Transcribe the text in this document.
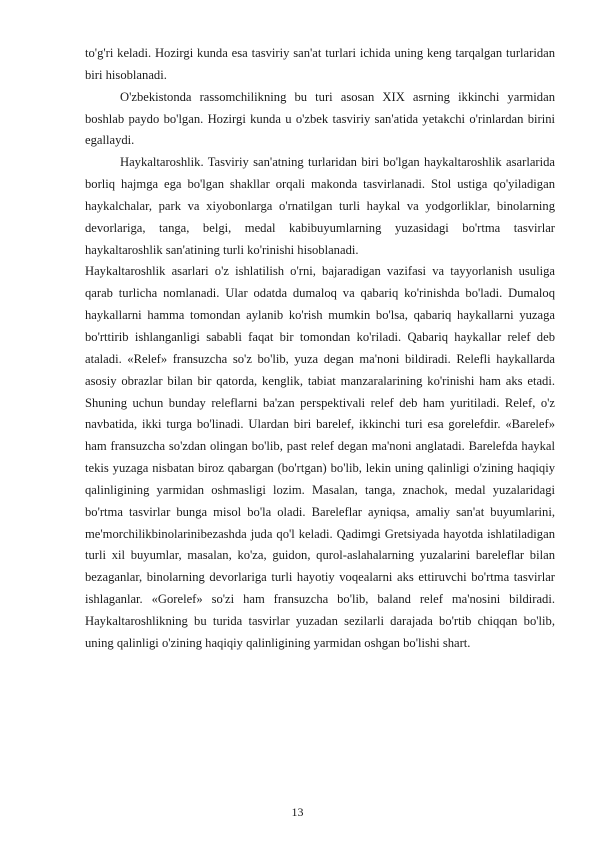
to'g'ri keladi. Hozirgi kunda esa tasviriy san'at turlari ichida uning keng tarqalgan turlaridan biri hisoblanadi.

O'zbekistonda rassomchilikning bu turi asosan XIX asrning ikkinchi yarmidan boshlab paydo bo'lgan. Hozirgi kunda u o'zbek tasviriy san'atida yetakchi o'rinlardan birini egallaydi.

Haykaltaroshlik. Tasviriy san'atning turlaridan biri bo'lgan haykaltaroshlik asarlarida borliq hajmga ega bo'lgan shakllar orqali makonda tasvirlanadi. Stol ustiga qo'yiladigan haykalchalar, park va xiyobonlarga o'rnatilgan turli haykal va yodgorliklar, binolarning devorlariga, tanga, belgi, medal kabibuyumlarning yuzasidagi bo'rtma tasvirlar haykaltaroshlik san'atining turli ko'rinishi hisoblanadi.

Haykaltaroshlik asarlari o'z ishlatilish o'rni, bajaradigan vazifasi va tayyorlanish usuliga qarab turlicha nomlanadi. Ular odatda dumaloq va qabariq ko'rinishda bo'ladi. Dumaloq haykallarni hamma tomondan aylanib ko'rish mumkin bo'lsa, qabariq haykallarni yuzaga bo'rttirib ishlanganligi sababli faqat bir tomondan ko'riladi. Qabariq haykallar relef deb ataladi. «Relef» fransuzcha so'z bo'lib, yuza degan ma'noni bildiradi. Relefli haykallarda asosiy obrazlar bilan bir qatorda, kenglik, tabiat manzaralarining ko'rinishi ham aks etadi. Shuning uchun bunday releflarni ba'zan perspektivali relef deb ham yuritiladi. Relef, o'z navbatida, ikki turga bo'linadi. Ulardan biri barelef, ikkinchi turi esa gorelefdir. «Barelef» ham fransuzcha so'zdan olingan bo'lib, past relef degan ma'noni anglatadi. Barelefda haykal tekis yuzaga nisbatan biroz qabargan (bo'rtgan) bo'lib, lekin uning qalinligi o'zining haqiqiy qalinligining yarmidan oshmasligi lozim. Masalan, tanga, znachok, medal yuzalaridagi bo'rtma tasvirlar bunga misol bo'la oladi. Bareleflar ayniqsa, amaliy san'at buyumlarini, me'morchilikbinolarinibezashda juda qo'l keladi. Qadimgi Gretsiyada hayotda ishlatiladigan turli xil buyumlar, masalan, ko'za, guidon, qurol-aslahalarning yuzalarini bareleflar bilan bezaganlar, binolarning devorlariga turli hayotiy voqealarni aks ettiruvchi bo'rtma tasvirlar ishlaganlar. «Gorelef» so'zi ham fransuzcha bo'lib, baland relef ma'nosini bildiradi. Haykaltaroshlikning bu turida tasvirlar yuzadan sezilarli darajada bo'rtib chiqqan bo'lib, uning qalinligi o'zining haqiqiy qalinligining yarmidan oshgan bo'lishi shart.

13
